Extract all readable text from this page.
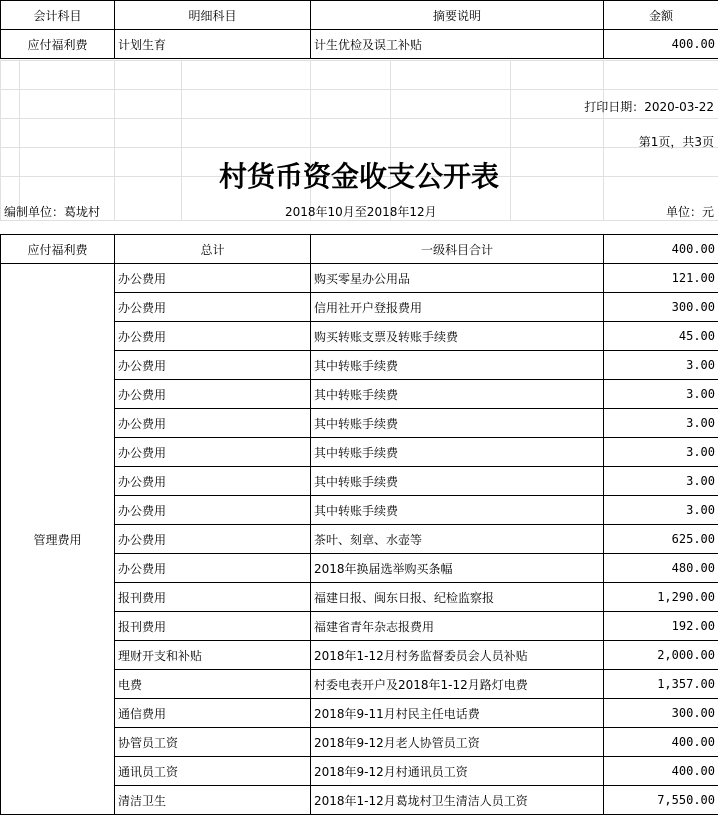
会计科目	明细科目	摘要说明	金额
应付福利费	计划生育	计生优检及误工补贴	400.00

打印日期：2020-03-22
第1页，共3页
村货币资金收支公开表
编制单位：葛垅村	2018年10月至2018年12月	单位：元
应付福利费	总计	一级科目合计	400.00
管理费用	办公费用	购买零星办公用品	121.00
	办公费用	信用社开户登报费用	300.00
	办公费用	购买转账支票及转账手续费	45.00
	办公费用	其中转账手续费	3.00
	办公费用	其中转账手续费	3.00
	办公费用	其中转账手续费	3.00
	办公费用	其中转账手续费	3.00
	办公费用	其中转账手续费	3.00
	办公费用	其中转账手续费	3.00
	办公费用	茶叶、刻章、水壶等	625.00
	办公费用	2018年换届选举购买条幅	480.00
	报刊费用	福建日报、闽东日报、纪检监察报	1,290.00
	报刊费用	福建省青年杂志报费用	192.00
	理财开支和补贴	2018年1-12月村务监督委员会人员补贴	2,000.00
	电费	村委电表开户及2018年1-12月路灯电费	1,357.00
	通信费用	2018年9-11月村民主任电话费	300.00
	协管员工资	2018年9-12月老人协管员工资	400.00
	通讯员工资	2018年9-12月村通讯员工资	400.00
	清洁卫生	2018年1-12月葛垅村卫生清洁人员工资	7,550.00
